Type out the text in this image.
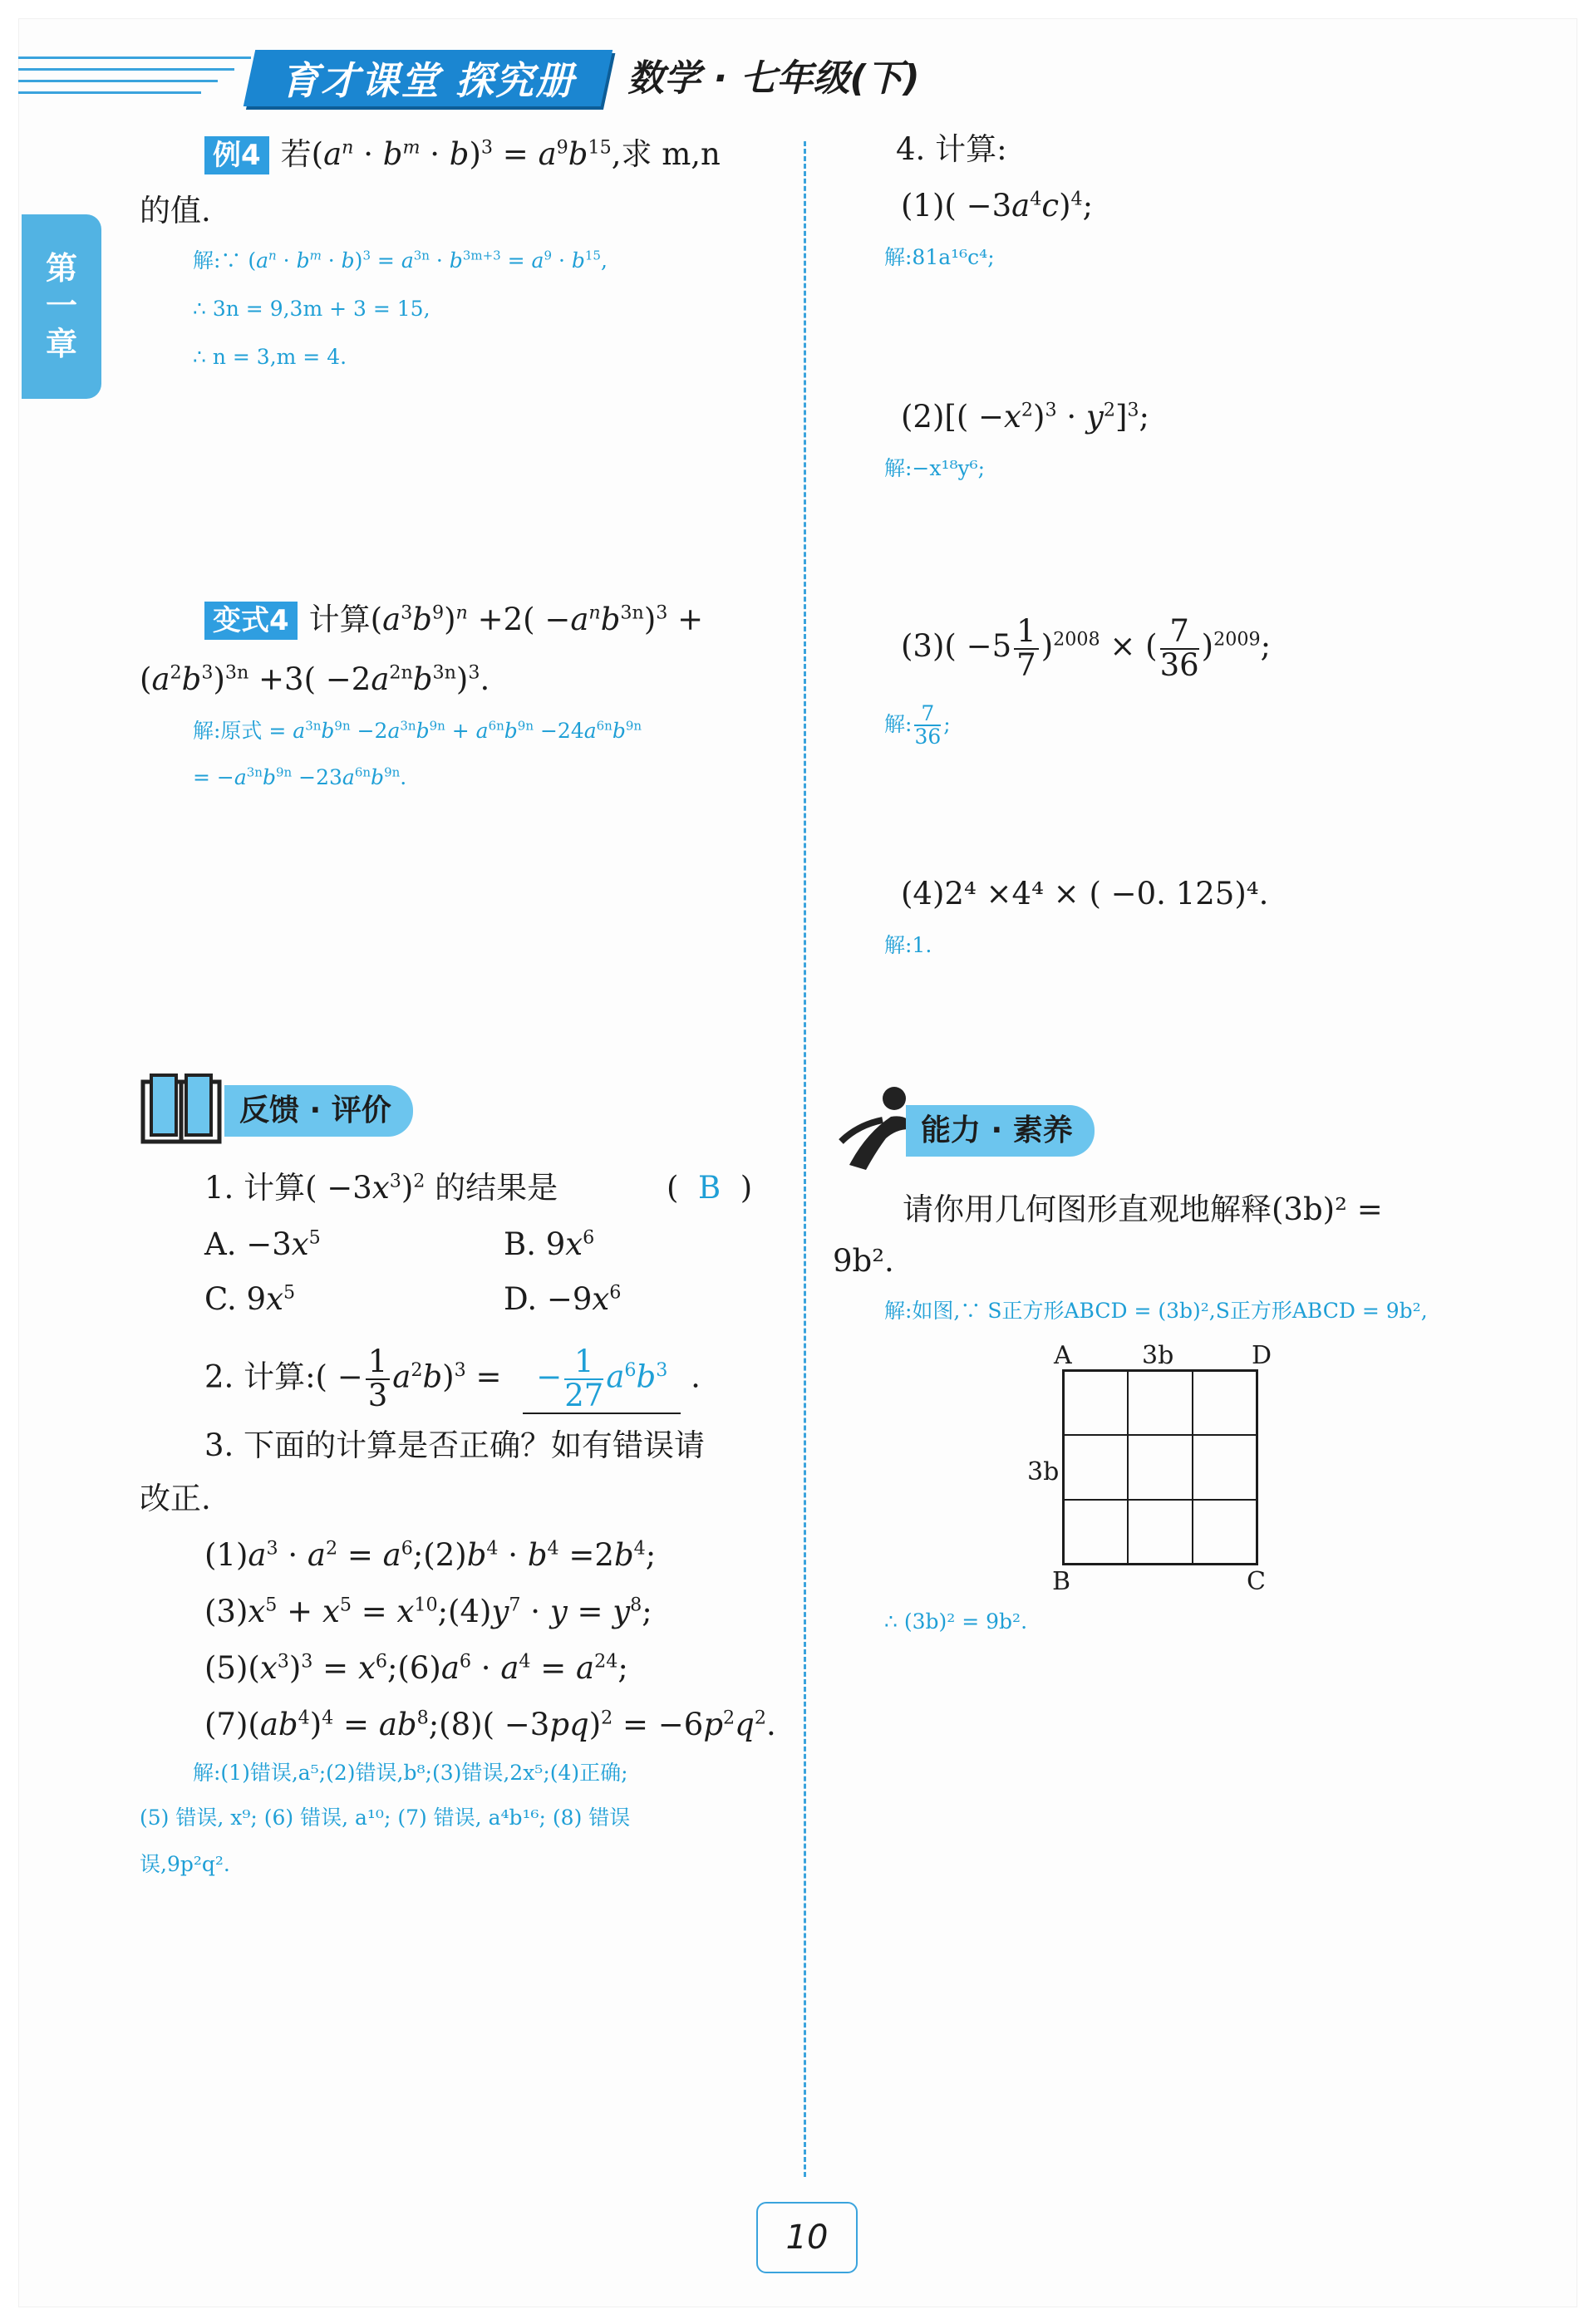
育才课堂 探究册 数学 · 七年级(下)
第
一
章
例4 若$(a^n \cdot b^m \cdot b)^3 = a^9b^{15}$,求 m,n
的值.
解:∵ $(a^n \cdot b^m \cdot b)^3 = a^{3n} \cdot b^{3m+3} = a^9 \cdot b^{15}$,
∴ 3n = 9,3m + 3 = 15,
∴ n = 3,m = 4.
变式4 计算$(a^3b^9)^n +2( -a^nb^{3n})^3$ +
$(a^2b^3)^{3n} +3( -2a^{2n}b^{3n})^3$.
解:原式 = $a^{3n}b^{9n} -2a^{3n}b^{9n} + a^{6n}b^{9n} -24a^{6n}b^{9n}$
= $-a^{3n}b^{9n} -23a^{6n}b^{9n}$.
反馈 · 评价
1. 计算( $-3x^3)^2$ 的结果是	(  B  )
A. $-3x^5$	B. $9x^6$
C. $9x^5$	D. $-9x^6$
2. 计算:( − $\frac{1}{3} a^2b)^3$ = − $\frac{1}{27} a^6b^3$ .
3. 下面的计算是否正确？如有错误请
改正.
$(1)a^3 \cdot a^2$ = $a^6;(2)b^4 \cdot b^4 =2b^4$;
$(3)x^5 + x^5$ = $x^{10};(4)y^7 \cdot y = y^8$;
$(5)(x^3)^3$ = $x^6;(6)a^6 \cdot a^4 = a^{24}$;
$(7)(ab^4)^4$ = $ab^8;(8)( -3pq)^2 = -6p^2q^2$.
解:(1)错误,a⁵;(2)错误,b⁸;(3)错误,2x⁵;(4)正确;
(5) 错误, x⁹; (6) 错误, a¹⁰; (7) 错误, a⁴b¹⁶; (8) 错误
误,9p²q².
4. 计算:
$(1)( -3a^4c)^4$;
解:81a¹⁶c⁴;
$(2)[( -x^2)^3 \cdot y^2]^3$;
解:−x¹⁸y⁶;
$(3)( -5 \frac{1}{7} )^{2008}$ × ( $\frac{7}{36} )^{2009}$;
解: $\frac{7}{36}$ ;
(4)2⁴ ×4⁴ × ( −0. 125)⁴.
解:1.
能力 · 素养
请你用几何图形直观地解释(3b)² =
9b².
解:如图,∵ S正方形ABCD = (3b)²,S正方形ABCD = 9b²,
A	3b	D
3b
B	C
∴ (3b)² = 9b².
10
